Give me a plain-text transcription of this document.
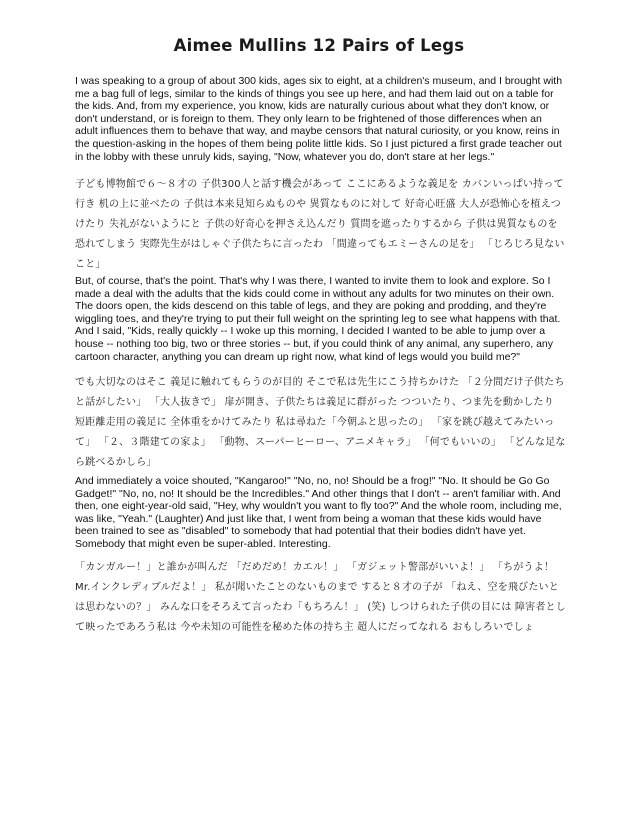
Aimee Mullins 12 Pairs of Legs

I was speaking to a group of about 300 kids, ages six to eight, at a children's museum, and I brought with me a bag full of legs, similar to the kinds of things you see up here, and had them laid out on a table for the kids. And, from my experience, you know, kids are naturally curious about what they don't know, or don't understand, or is foreign to them. They only learn to be frightened of those differences when an adult influences them to behave that way, and maybe censors that natural curiosity, or you know, reins in the question-asking in the hopes of them being polite little kids. So I just pictured a first grade teacher out in the lobby with these unruly kids, saying, "Now, whatever you do, don't stare at her legs."

子ども博物館で６～８才の 子供300人と話す機会があって ここにあるような義足を カバンいっぱい持って行き 机の上に並べたの 子供は本来見知らぬものや 異質なものに対して 好奇心旺盛 大人が恐怖心を植えつけたり 失礼がないようにと 子供の好奇心を押さえ込んだり 質問を遮ったりするから 子供は異質なものを恐れてしまう 実際先生がはしゃぐ子供たちに言ったわ 「間違ってもエミーさんの足を」 「じろじろ見ないこと」

But, of course, that's the point. That's why I was there, I wanted to invite them to look and explore. So I made a deal with the adults that the kids could come in without any adults for two minutes on their own. The doors open, the kids descend on this table of legs, and they are poking and prodding, and they're wiggling toes, and they're trying to put their full weight on the sprinting leg to see what happens with that. And I said, "Kids, really quickly -- I woke up this morning, I decided I wanted to be able to jump over a house -- nothing too big, two or three stories -- but, if you could think of any animal, any superhero, any cartoon character, anything you can dream up right now, what kind of legs would you build me?"

でも大切なのはそこ 義足に触れてもらうのが目的 そこで私は先生にこう持ちかけた 「２分間だけ子供たちと話がしたい」 「大人抜きで」 扉が開き、子供たちは義足に群がった つついたり、つま先を動かしたり 短距離走用の義足に 全体重をかけてみたり 私は尋ねた「今朝ふと思ったの」 「家を跳び越えてみたいって」 「２、３階建ての家よ」 「動物、スーパーヒーロー、アニメキャラ」 「何でもいいの」 「どんな足なら跳べるかしら」

And immediately a voice shouted, "Kangaroo!" "No, no, no! Should be a frog!" "No. It should be Go Go Gadget!" "No, no, no! It should be the Incredibles." And other things that I don't -- aren't familiar with. And then, one eight-year-old said, "Hey, why wouldn't you want to fly too?" And the whole room, including me, was like, "Yeah." (Laughter) And just like that, I went from being a woman that these kids would have been trained to see as "disabled" to somebody that had potential that their bodies didn't have yet. Somebody that might even be super-abled. Interesting.

「カンガルー！」と誰かが叫んだ 「だめだめ！カエル！」 「ガジェット警部がいいよ！」 「ちがうよ！Mr.インクレディブルだよ！」 私が聞いたことのないものまで すると８才の子が 「ねえ、空を飛びたいとは思わないの？」 みんな口をそろえて言ったわ「もちろん！」 (笑) しつけられた子供の目には 障害者として映ったであろう私は 今や未知の可能性を秘めた体の持ち主 超人にだってなれる おもしろいでしょ
